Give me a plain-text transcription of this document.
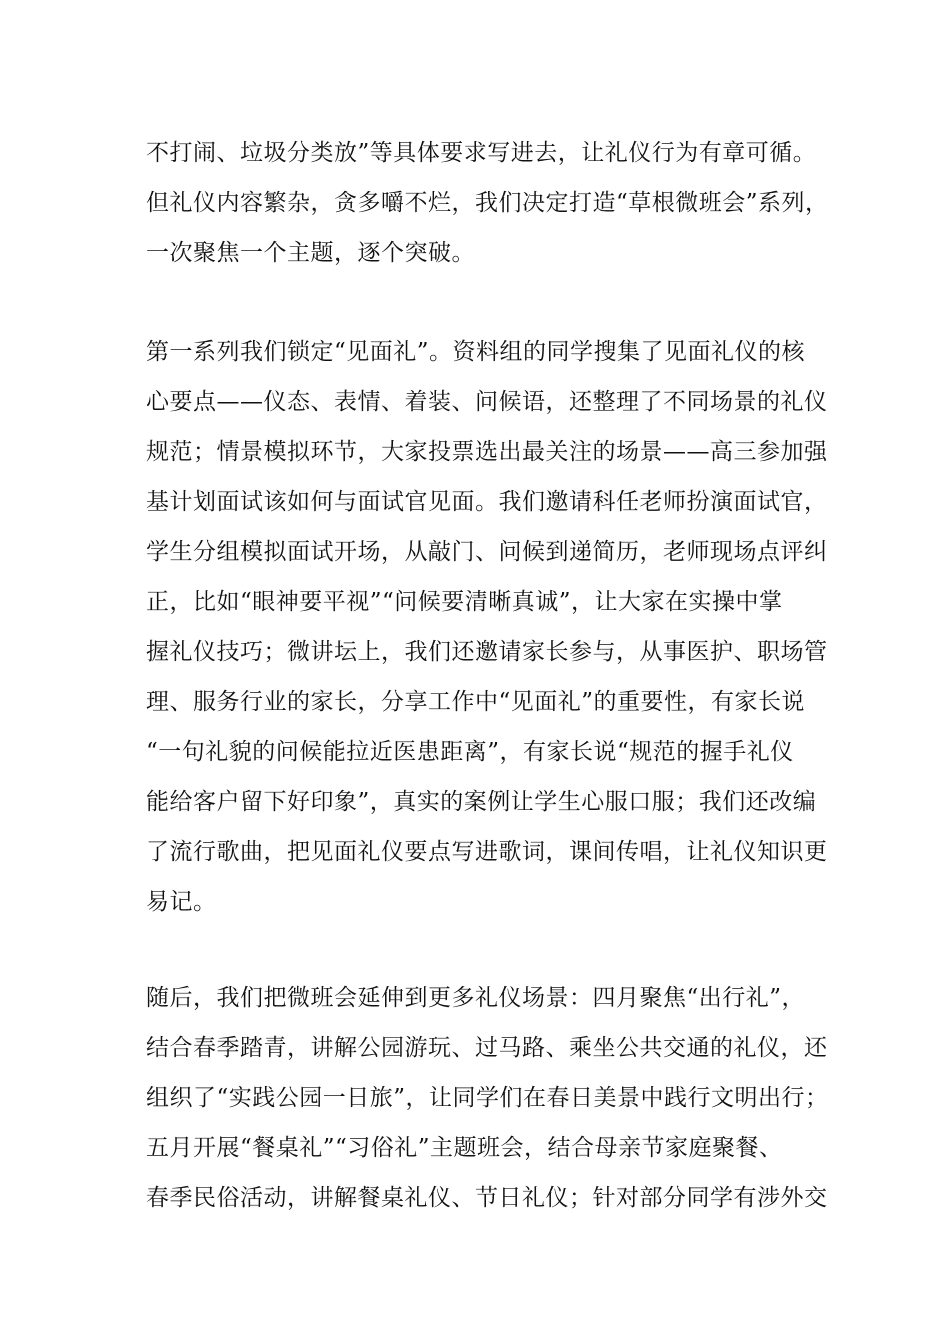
不打闹、垃圾分类放”等具体要求写进去，让礼仪行为有章可循。
但礼仪内容繁杂，贪多嚼不烂，我们决定打造“草根微班会”系列，
一次聚焦一个主题，逐个突破。
第一系列我们锁定“见面礼”。资料组的同学搜集了见面礼仪的核
心要点——仪态、表情、着装、问候语，还整理了不同场景的礼仪
规范；情景模拟环节，大家投票选出最关注的场景——高三参加强
基计划面试该如何与面试官见面。我们邀请科任老师扮演面试官，
学生分组模拟面试开场，从敲门、问候到递简历，老师现场点评纠
正，比如“眼神要平视”“问候要清晰真诚”，让大家在实操中掌
握礼仪技巧；微讲坛上，我们还邀请家长参与，从事医护、职场管
理、服务行业的家长，分享工作中“见面礼”的重要性，有家长说
“一句礼貌的问候能拉近医患距离”，有家长说“规范的握手礼仪
能给客户留下好印象”，真实的案例让学生心服口服；我们还改编
了流行歌曲，把见面礼仪要点写进歌词，课间传唱，让礼仪知识更
易记。
随后，我们把微班会延伸到更多礼仪场景：四月聚焦“出行礼”，
结合春季踏青，讲解公园游玩、过马路、乘坐公共交通的礼仪，还
组织了“实践公园一日旅”，让同学们在春日美景中践行文明出行；
五月开展“餐桌礼”“习俗礼”主题班会，结合母亲节家庭聚餐、
春季民俗活动，讲解餐桌礼仪、节日礼仪；针对部分同学有涉外交
